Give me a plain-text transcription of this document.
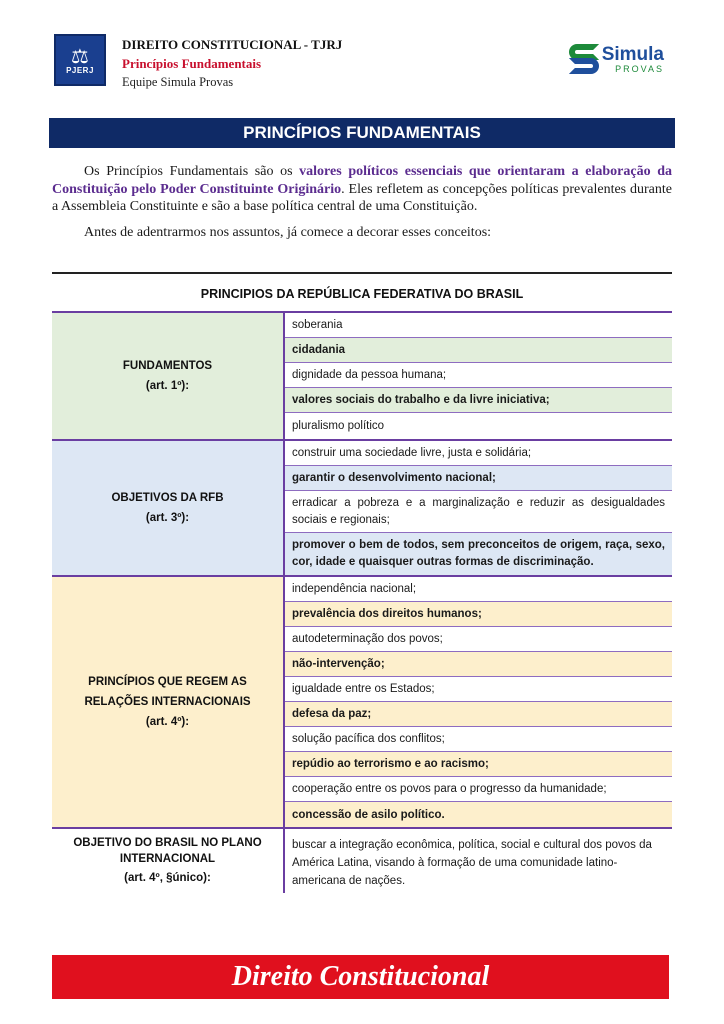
⚖
PJERJ
DIREITO CONSTITUCIONAL - TJRJ
Princípios Fundamentais
Equipe Simula Provas
Simula
PROVAS
PRINCÍPIOS FUNDAMENTAIS

Os Princípios Fundamentais são os valores políticos essenciais que orientaram a elaboração da Constituição pelo Poder Constituinte Originário. Eles refletem as concepções políticas prevalentes durante a Assembleia Constituinte e são a base política central de uma Constituição.

Antes de adentrarmos nos assuntos, já comece a decorar esses conceitos:

PRINCIPIOS DA REPÚBLICA FEDERATIVA DO BRASIL
FUNDAMENTOS
(art. 1º):
soberania
cidadania
dignidade da pessoa humana;
valores sociais do trabalho e da livre iniciativa;
pluralismo político
OBJETIVOS DA RFB
(art. 3º):
construir uma sociedade livre, justa e solidária;
garantir o desenvolvimento nacional;
erradicar a pobreza e a marginalização e reduzir as desigualdades sociais e regionais;
promover o bem de todos, sem preconceitos de origem, raça, sexo, cor, idade e quaisquer outras formas de discriminação.
PRINCÍPIOS QUE REGEM AS
RELAÇÕES INTERNACIONAIS
(art. 4º):
independência nacional;
prevalência dos direitos humanos;
autodeterminação dos povos;
não-intervenção;
igualdade entre os Estados;
defesa da paz;
solução pacífica dos conflitos;
repúdio ao terrorismo e ao racismo;
cooperação entre os povos para o progresso da humanidade;
concessão de asilo político.
OBJETIVO DO BRASIL NO PLANO
INTERNACIONAL
(art. 4º, §único):
buscar a integração econômica, política, social e cultural dos povos da América Latina, visando à formação de uma comunidade latino-americana de nações.
Direito Constitucional
